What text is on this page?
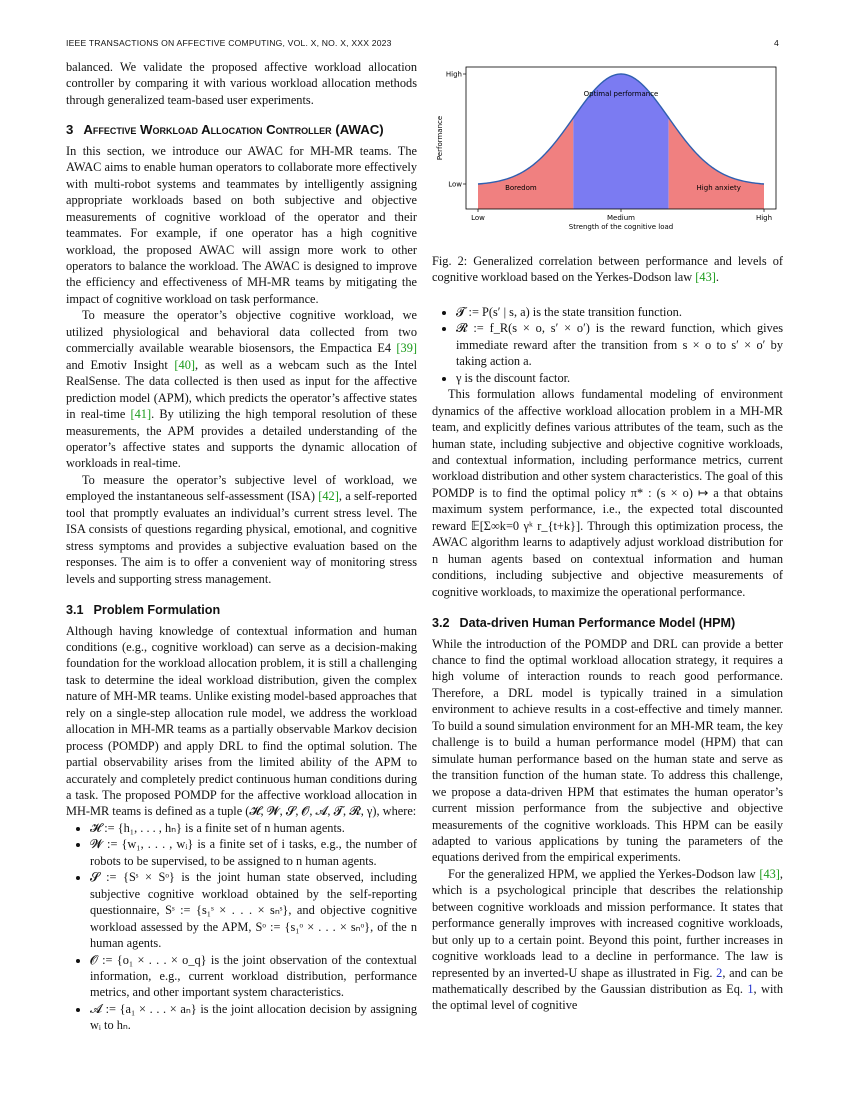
IEEE TRANSACTIONS ON AFFECTIVE COMPUTING, VOL. X, NO. X, XXX 2023	4

balanced. We validate the proposed affective workload allocation controller by comparing it with various workload allocation methods through generalized team-based user experiments.

3 Affective Workload Allocation Controller (AWAC)

In this section, we introduce our AWAC for MH-MR teams. The AWAC aims to enable human operators to collaborate more effectively with multi-robot systems and teammates by intelligently assigning appropriate workloads based on both subjective and objective measurements of cognitive workload of the operator and their teammates. For example, if one operator has a high cognitive workload, the proposed AWAC will assign more work to other operators to balance the workload. The AWAC is designed to improve the efficiency and effectiveness of MH-MR teams by mitigating the impact of cognitive workload on task performance.

To measure the operator’s objective cognitive workload, we utilized physiological and behavioral data collected from two commercially available wearable biosensors, the Empactica E4 [39] and Emotiv Insight [40], as well as a webcam such as the Intel RealSense. The data collected is then used as input for the affective prediction model (APM), which predicts the operator’s affective states in real-time [41]. By utilizing the high temporal resolution of these measurements, the APM provides a detailed understanding of the operator’s affective states and supports the dynamic allocation of workloads in real-time.

To measure the operator’s subjective level of workload, we employed the instantaneous self-assessment (ISA) [42], a self-reported tool that promptly evaluates an individual’s current stress level. The ISA consists of questions regarding physical, emotional, and cognitive stress symptoms and provides a subjective evaluation based on the responses. The aim is to offer a convenient way of monitoring stress levels and supporting stress management.

3.1 Problem Formulation

Although having knowledge of contextual information and human conditions (e.g., cognitive workload) can serve as a decision-making foundation for the workload allocation problem, it is still a challenging task to determine the ideal workload distribution, given the complex nature of MH-MR teams. Unlike existing model-based approaches that rely on a single-step allocation rule model, we address the workload allocation in MH-MR teams as a partially observable Markov decision process (POMDP) and apply DRL to find the optimal solution. The partial observability arises from the limited ability of the APM to accurately and completely predict continuous human conditions during a task. The proposed POMDP for the affective workload allocation in MH-MR teams is defined as a tuple (𝓗, 𝓦, 𝓢, 𝓞, 𝓐, 𝓣, 𝓡, γ), where:

• 𝓗 := {h₁, . . . , hₙ} is a finite set of n human agents.
• 𝓦 := {w₁, . . . , wᵢ} is a finite set of i tasks, e.g., the number of robots to be supervised, to be assigned to n human agents.
• 𝓢 := {Sˢ × Sᵒ} is the joint human state observed, including subjective cognitive workload obtained by the self-reporting questionnaire, Sˢ := {s₁ˢ × . . . × sₙˢ}, and objective cognitive workload assessed by the APM, Sᵒ := {s₁ᵒ × . . . × sₙᵒ}, of the n human agents.
• 𝓞 := {o₁ × . . . × o_q} is the joint observation of the contextual information, e.g., current workload distribution, performance metrics, and other important system characteristics.
• 𝓐 := {a₁ × . . . × aₙ} is the joint allocation decision by assigning wᵢ to hₙ.
Low	Medium	High
Low
High
Strength of the cognitive load
Performance
Boredom
Optimal performance
High anxiety

Fig. 2: Generalized correlation between performance and levels of cognitive workload based on the Yerkes-Dodson law [43].

• 𝓣 := P(s′ | s, a) is the state transition function.
• 𝓡 := f_R(s × o, s′ × o′) is the reward function, which gives immediate reward after the transition from s × o to s′ × o′ by taking action a.
• γ is the discount factor.

This formulation allows fundamental modeling of environment dynamics of the affective workload allocation problem in a MH-MR team, and explicitly defines various attributes of the team, such as the human state, including subjective and objective cognitive workloads, and contextual information, including performance metrics, current workload distribution and other system characteristics. The goal of this POMDP is to find the optimal policy π* : (s × o) ↦ a that obtains maximum system performance, i.e., the expected total discounted reward 𝔼[Σ∞k=0 γᵏ r_{t+k}]. Through this optimization process, the AWAC algorithm learns to adaptively adjust workload distribution for n human agents based on contextual information and human conditions, including subjective and objective measurements of cognitive workloads, to maximize the operational performance.

3.2 Data-driven Human Performance Model (HPM)

While the introduction of the POMDP and DRL can provide a better chance to find the optimal workload allocation strategy, it requires a high volume of interaction rounds to reach good performance. Therefore, a DRL model is typically trained in a simulation environment to achieve results in a cost-effective and timely manner. To build a sound simulation environment for an MH-MR team, the key challenge is to build a human performance model (HPM) that can simulate human performance based on the human state and serve as the transition function of the human state. To address this challenge, we propose a data-driven HPM that estimates the human operator’s current mission performance from the subjective and objective measurements of the cognitive workloads. This HPM can be easily adapted to various applications by tuning the parameters of the equations derived from the empirical experiments.

For the generalized HPM, we applied the Yerkes-Dodson law [43], which is a psychological principle that describes the relationship between cognitive workloads and mission performance. It states that performance generally improves with increased cognitive workloads, but only up to a certain point. Beyond this point, further increases in cognitive workloads lead to a decline in performance. The law is represented by an inverted-U shape as illustrated in Fig. 2, and can be mathematically described by the Gaussian distribution as Eq. 1, with the optimal level of cognitive
